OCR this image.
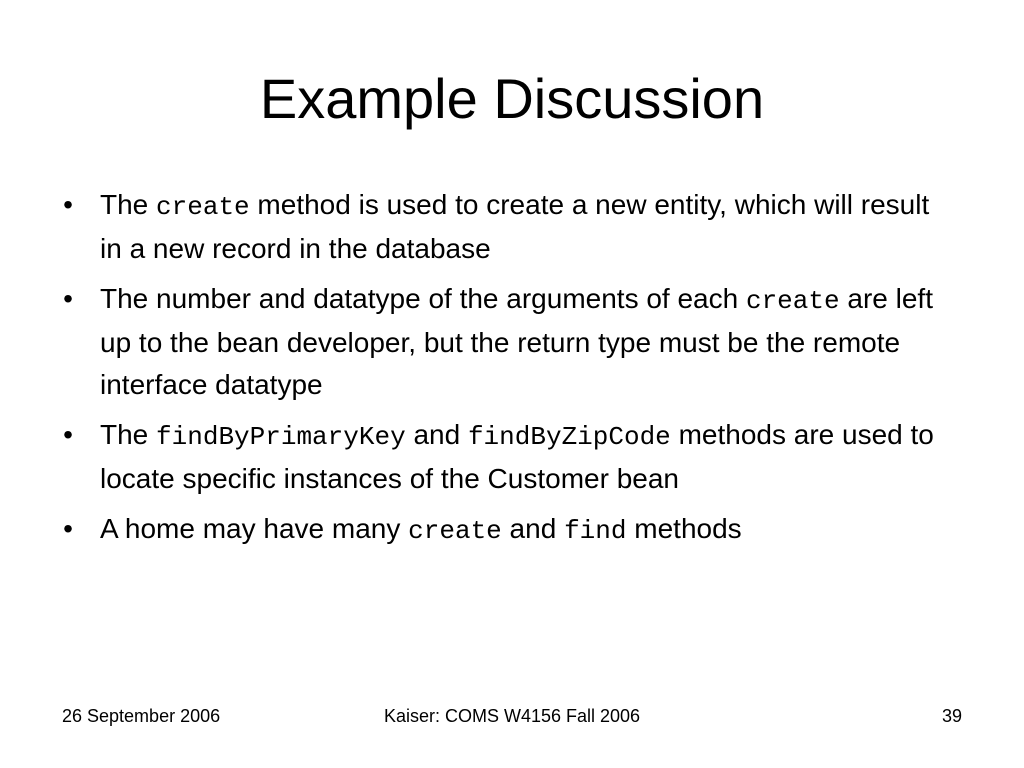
Example Discussion
• The create method is used to create a new entity, which will result in a new record in the database
• The number and datatype of the arguments of each create are left up to the bean developer, but the return type must be the remote interface datatype
• The findByPrimaryKey and findByZipCode methods are used to locate specific instances of the Customer bean
• A home may have many create and find methods
26 September 2006	Kaiser: COMS W4156 Fall 2006	39
